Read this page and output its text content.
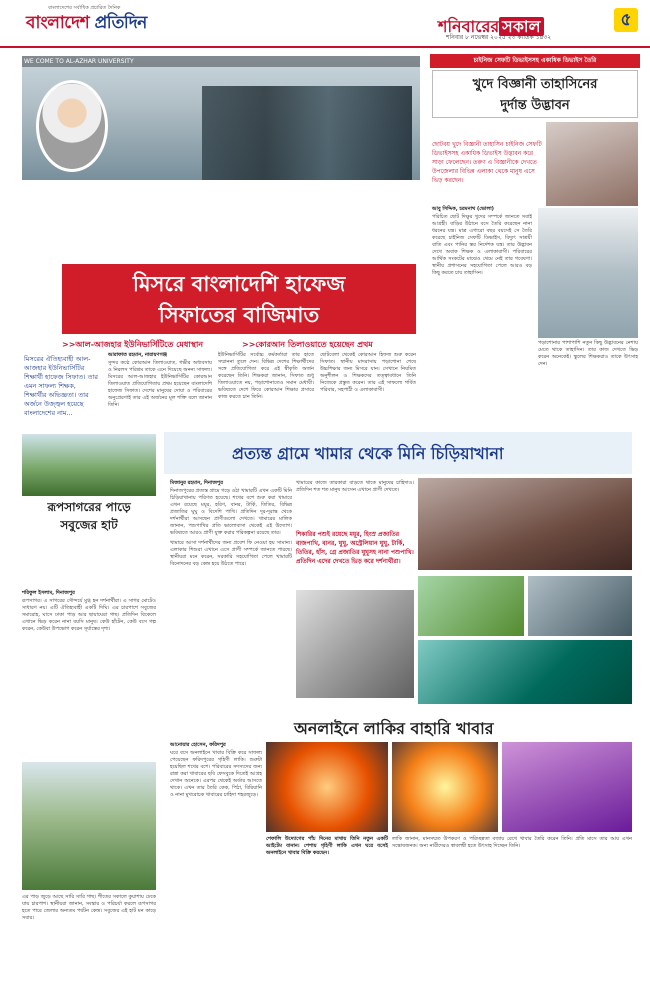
বাংলাদেশের সর্বাধিক প্রচারিত দৈনিক
বাংলাদেশ প্রতিদিন	শনিবারের সকাল
শনিবার ৮ নভেম্বর ২০২৫ ২৩ কার্তিক ১৪৩২
৫
WE COME TO AL-AZHAR UNIVERSITY
মিসরে বাংলাদেশি হাফেজ
সিফাতের বাজিমাত
>>আল-আজহার ইউনিভার্সিটিতে মেধাস্থান	>>কোরআন তিলাওয়াতে হয়েছেন প্রথম
মিসরের ঐতিহ্যবাহী আল-আজহার ইউনিভার্সিটির শিক্ষার্থী হাফেজ সিফাত। তার এমন সাফল্য শিক্ষক, শিক্ষার্থীর অভিজ্ঞতা। তার অর্জনে উজ্জ্বল হয়েছে বাংলাদেশের নাম...
আরাফাত রহমান, নারায়ণগঞ্জ
সুন্দর কণ্ঠে কোরআন তিলাওয়াত, গভীর অধ্যবসায় ও নিরলস পরিশ্রম তাকে এনে দিয়েছে অনন্য সাফল্য। মিসরের আল-আজহার ইউনিভার্সিটির কোরআন তিলাওয়াত প্রতিযোগিতায় প্রথম হয়েছেন বাংলাদেশি হাফেজ সিফাত। দেশের মানুষের দোয়া ও পরিবারের অনুপ্রেরণাই তার এই অর্জনের মূল শক্তি বলে জানান তিনি।
ইউনিভার্সিটির সর্বোচ্চ কর্মকর্তারা তার হাতে সম্মাননা তুলে দেন। বিভিন্ন দেশের শিক্ষার্থীদের সঙ্গে প্রতিযোগিতা করে এই স্বীকৃতি অর্জন করেছেন তিনি। শিক্ষকরা জানান, সিফাত শুধু তিলাওয়াতে নয়, পড়াশোনাতেও সমান মেধাবী। ভবিষ্যতে দেশে ফিরে কোরআন শিক্ষার প্রসারে কাজ করতে চান তিনি।
ছোটবেলা থেকেই কোরআন হিফজ শুরু করেন সিফাত। স্থানীয় মাদরাসায় পড়াশোনা শেষে উচ্চশিক্ষার জন্য মিসরে যান। সেখানে নিয়মিত অনুশীলন ও শিক্ষকদের তত্ত্বাবধানে তিনি নিজেকে প্রস্তুত করেন। তার এই সাফল্যে গর্বিত পরিবার, সহপাঠী ও এলাকাবাসী।
চাইনিজ সেফটি ডিভাইসসহ একাধিক ডিভাইস তৈরি
খুদে বিজ্ঞানী তাহাসিনের
দুর্দান্ত উদ্ভাবন
ছোটবয় খুদে বিজ্ঞানী তাহাসিন চাইনিজ সেফটি ডিভাইসসহ একাধিক ডিভাইস উদ্ভাবন করে সাড়া ফেলেছেন। তরুণ এ বিজ্ঞানীকে দেখতে উপজেলার বিভিন্ন এলাকা থেকে মানুষ এসে ভিড় করছেন।
আবু সিদ্দিক, চরমনাথ (ভোলা)
পরিচিত ছোট দিক্ষুর খুদের সম্পর্কে জানতে সবাই আগ্রহী। বাড়ির উঠানে বসে তৈরি করেছেন নানা ধরনের যন্ত্র। মাত্র এগারো বছর বয়সেই সে তৈরি করেছে চাইনিজ সেফটি ডিভাইস, বিদ্যুৎ সাশ্রয়ী বাতি এবং পানির স্তর নির্দেশক যন্ত্র। তার উদ্ভাবন দেখে অবাক শিক্ষক ও এলাকাবাসী। পরিবারের আর্থিক সংকটের মাঝেও থেমে নেই তার গবেষণা। স্থানীয় প্রশাসনের সহযোগিতা পেলে আরও বড় কিছু করতে চায় তাহাসিন।
পড়াশোনার পাশাপাশি নতুন কিছু উদ্ভাবনের নেশায় মেতে থাকে তাহাসিন। তার কাজ দেখতে ভিড় করেন অনেকেই। স্কুলের শিক্ষকরাও তাকে উৎসাহ দেন।
রূপসাগরের পাড়ে
সবুজের হাট
শরিফুল ইসলাম, দিনাজপুর
রূপসাগর। এ সাগরের সৌন্দর্যে মুগ্ধ হন দর্শনার্থীরা। এ সাগর মোটেও সাধারণ নয়। এটি ঐতিহ্যবাহী একটি দিঘি। এর চারপাশে সবুজের সমারোহ, ঘাসে ঢাকা পাড় আর ছায়াঘেরা গাছ। প্রতিদিন বিকেলে এখানে ভিড় করেন নানা বয়সি মানুষ। কেউ হাঁটেন, কেউ বসে গল্প করেন, কেউবা উপভোগ করেন সূর্যাস্তের দৃশ্য।
এর পাড় জুড়ে আছে সারি সারি গাছ। শীতের সকালে কুয়াশায় ঢেকে যায় চারপাশ। স্থানীয়রা জানান, সংস্কার ও পরিচর্যা করলে রূপসাগর হতে পারে জেলার অন্যতম পর্যটন কেন্দ্র। সবুজের এই হাট মন কাড়ে সবার।
প্রত্যন্ত গ্রামে খামার থেকে মিনি চিড়িয়াখানা
মিজানুর রহমান, দিনাজপুর
দিনাজপুরের প্রত্যন্ত গ্রামে গড়ে ওঠা খামারটি এখন একটি মিনি চিড়িয়াখানায় পরিণত হয়েছে। শখের বশে শুরু করা খামারে এখন রয়েছে ময়ূর, হরিণ, বানর, টার্কি, তিতির, বিভিন্ন প্রজাতির ঘুঘু ও বিদেশি পাখি। প্রতিদিন দূর-দূরান্ত থেকে দর্শনার্থীরা আসছেন প্রাণীগুলো দেখতে। খামারের মালিক জানান, পশুপাখির প্রতি ভালোবাসা থেকেই এই উদ্যোগ। ভবিষ্যতে আরও প্রাণী যুক্ত করার পরিকল্পনা রয়েছে তার।
খামারে আসা দর্শনার্থীদের জন্য প্রবেশ ফি নেওয়া হয় সামান্য। এলাকার শিশুরা এখানে এসে প্রাণী সম্পর্কে জানতে পারছে। স্থানীয়রা মনে করেন, সরকারি সহযোগিতা পেলে খামারটি বিনোদনের বড় কেন্দ্র হয়ে উঠতে পারে।
খামারের কাজে তারকারা বাড়তে থাকে মানুষের চাহিদাও। প্রতিদিন শত শত মানুষ আসেন এখানে প্রাণী দেখতে।
শিকারির পশুই রয়েছে ময়ূর, হিংস্র প্রজাতির বাজপাখি, বানর, ঘুঘু, অস্ট্রেলিয়ান ঘুঘু, টার্কি, তিতির, হাঁস, গ্রে প্রজাতির ঘুঘুসহ নানা পশুপাখি। প্রতিদিন এদের দেখতে ভিড় করে দর্শনার্থীরা।
অনলাইনে লাকির বাহারি খাবার
আনোয়ার হোসেন, ফরিদপুর
ঘরে বসে অনলাইনে খাবার বিক্রি করে সাফল্য পেয়েছেন ফরিদপুরের গৃহিণী লাকি। শুরুটা হয়েছিল শখের বশে। পরিবারের সদস্যদের জন্য রান্না করা খাবারের ছবি ফেসবুকে দিতেই আগ্রহ দেখান অনেকে। এরপর থেকেই অর্ডার আসতে থাকে। এখন তার তৈরি কেক, পিঠা, বিরিয়ানি ও নানা মুখরোচক খাবারের চাহিদা শহরজুড়ে।
শেফালি উদ্যোগের পাঁচ দিনের মাথায় তিনি নতুন একটি আইটেম বানান। পেশায় গৃহিণী লাকি এখন ঘরে বসেই অনলাইনে খাবার বিক্রি করছেন।
লাকি জানান, মানসম্মত উপকরণ ও পরিচ্ছন্নতা বজায় রেখে খাবার তৈরি করেন তিনি। প্রতি মাসে তার আয় এখন সন্তোষজনক। অন্য নারীদেরও স্বাবলম্বী হতে উৎসাহ দিচ্ছেন তিনি।
